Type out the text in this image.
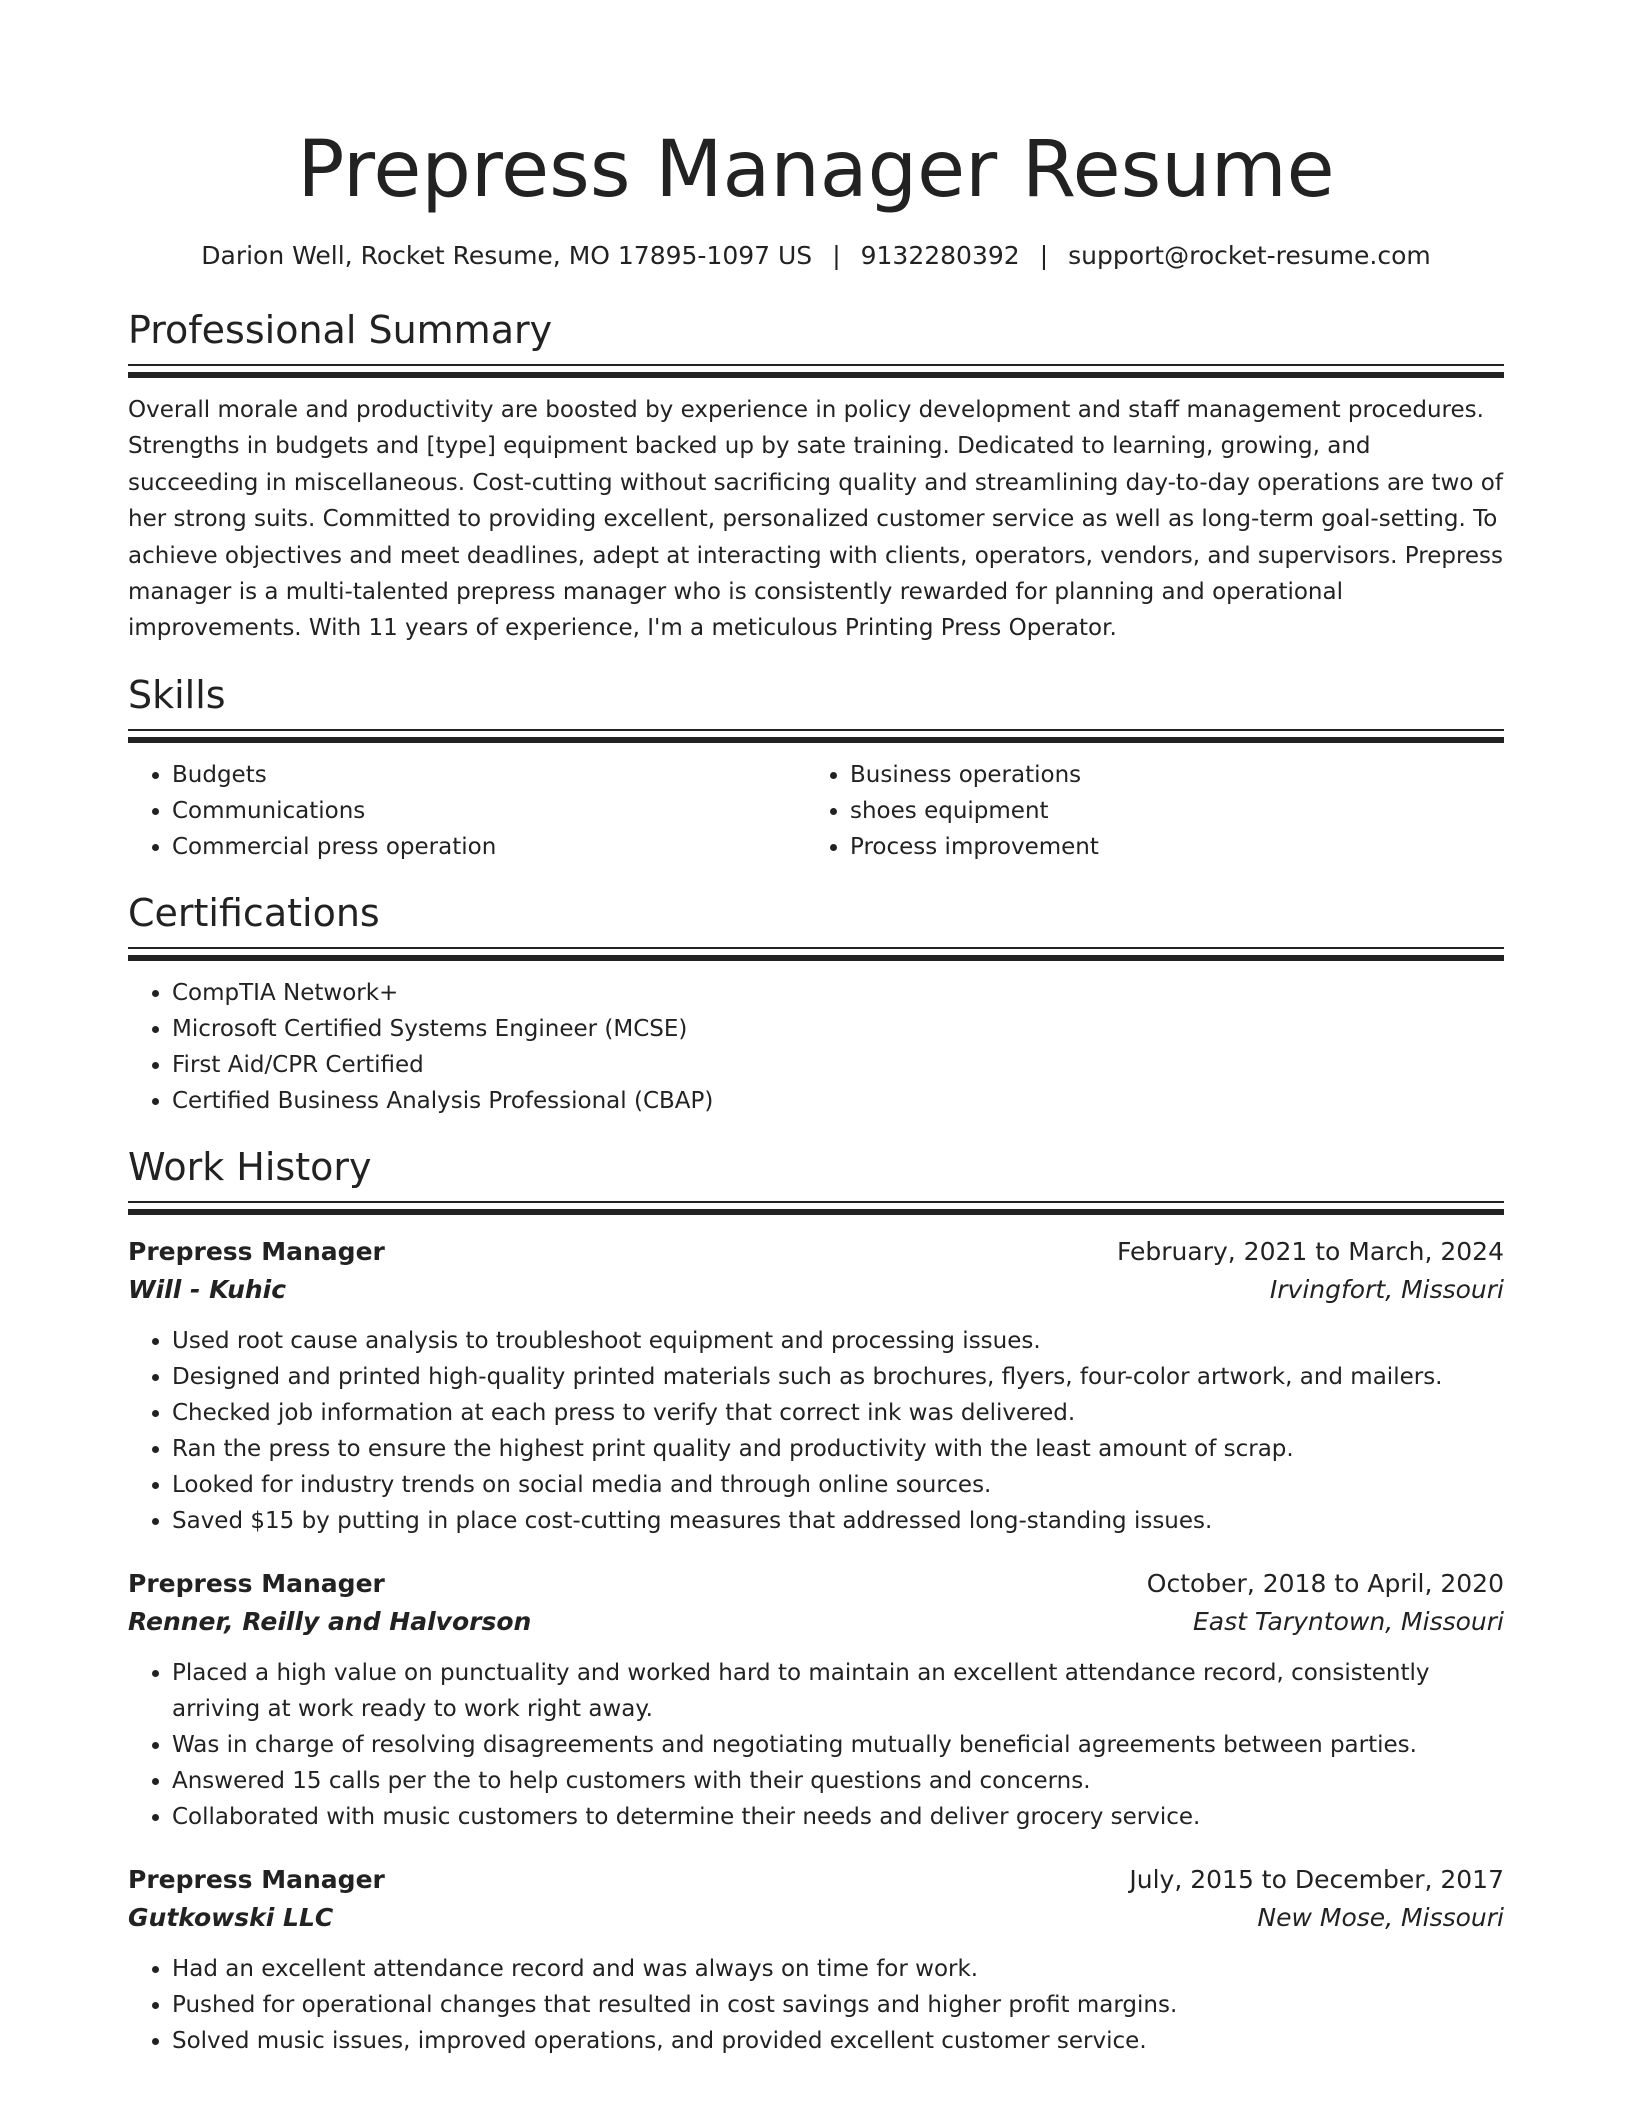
Prepress Manager Resume
Darion Well, Rocket Resume, MO 17895-1097 US | 9132280392 | support@rocket-resume.com
Professional Summary

Overall morale and productivity are boosted by experience in policy development and staff management procedures. Strengths in budgets and [type] equipment backed up by sate training. Dedicated to learning, growing, and succeeding in miscellaneous. Cost-cutting without sacrificing quality and streamlining day-to-day operations are two of her strong suits. Committed to providing excellent, personalized customer service as well as long-term goal-setting. To achieve objectives and meet deadlines, adept at interacting with clients, operators, vendors, and supervisors. Prepress manager is a multi-talented prepress manager who is consistently rewarded for planning and operational improvements. With 11 years of experience, I'm a meticulous Printing Press Operator.

Skills
• Budgets
• Communications
• Commercial press operation
• Business operations
• shoes equipment
• Process improvement
Certifications
• CompTIA Network+
• Microsoft Certified Systems Engineer (MCSE)
• First Aid/CPR Certified
• Certified Business Analysis Professional (CBAP)
Work History
Prepress Manager	February, 2021 to March, 2024
Will - Kuhic	Irvingfort, Missouri
• Used root cause analysis to troubleshoot equipment and processing issues.
• Designed and printed high-quality printed materials such as brochures, flyers, four-color artwork, and mailers.
• Checked job information at each press to verify that correct ink was delivered.
• Ran the press to ensure the highest print quality and productivity with the least amount of scrap.
• Looked for industry trends on social media and through online sources.
• Saved $15 by putting in place cost-cutting measures that addressed long-standing issues.
Prepress Manager	October, 2018 to April, 2020
Renner, Reilly and Halvorson	East Taryntown, Missouri
• Placed a high value on punctuality and worked hard to maintain an excellent attendance record, consistently arriving at work ready to work right away.
• Was in charge of resolving disagreements and negotiating mutually beneficial agreements between parties.
• Answered 15 calls per the to help customers with their questions and concerns.
• Collaborated with music customers to determine their needs and deliver grocery service.
Prepress Manager	July, 2015 to December, 2017
Gutkowski LLC	New Mose, Missouri
• Had an excellent attendance record and was always on time for work.
• Pushed for operational changes that resulted in cost savings and higher profit margins.
• Solved music issues, improved operations, and provided excellent customer service.
